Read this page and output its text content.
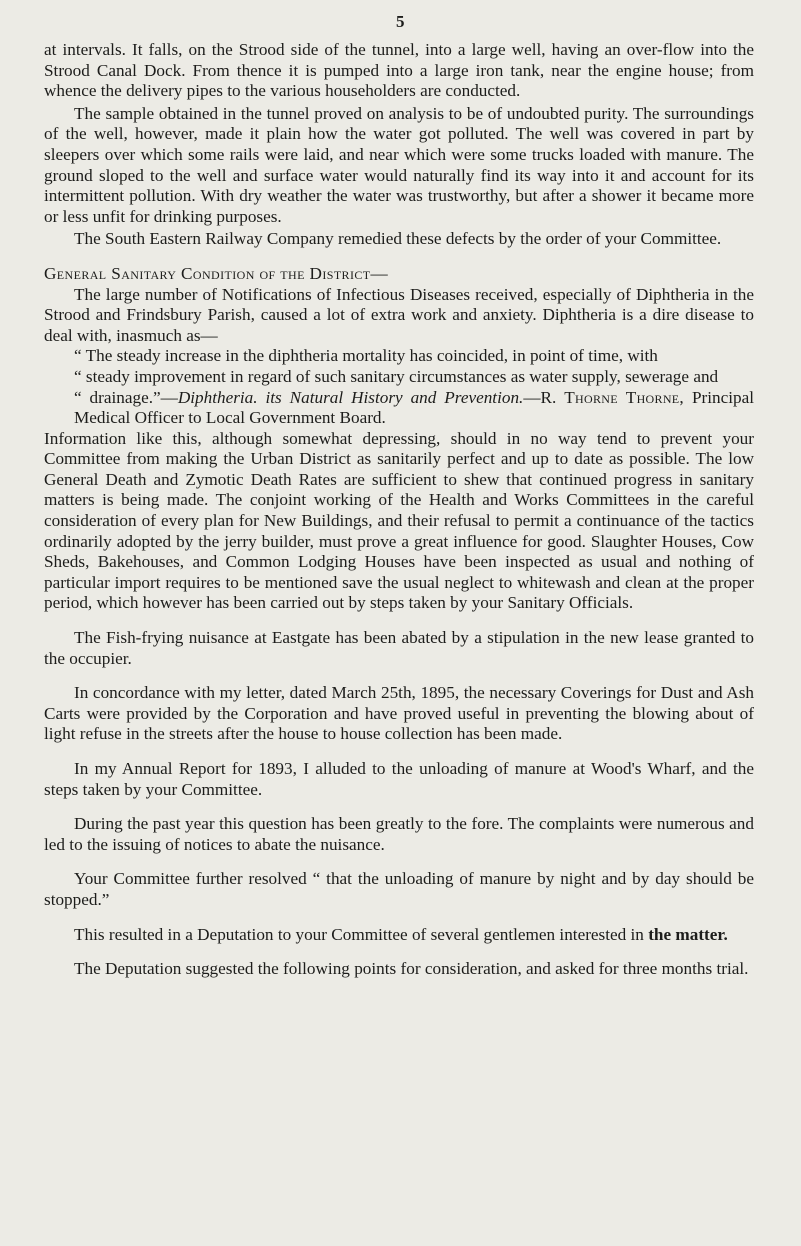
5

at intervals. It falls, on the Strood side of the tunnel, into a large well, having an over-flow into the Strood Canal Dock. From thence it is pumped into a large iron tank, near the engine house; from whence the delivery pipes to the various householders are conducted.

The sample obtained in the tunnel proved on analysis to be of undoubted purity. The surroundings of the well, however, made it plain how the water got polluted. The well was covered in part by sleepers over which some rails were laid, and near which were some trucks loaded with manure. The ground sloped to the well and surface water would naturally find its way into it and account for its intermittent pollution. With dry weather the water was trustworthy, but after a shower it became more or less unfit for drinking purposes.

The South Eastern Railway Company remedied these defects by the order of your Committee.

General Sanitary Condition of the District—

The large number of Notifications of Infectious Diseases received, especially of Diphtheria in the Strood and Frindsbury Parish, caused a lot of extra work and anxiety. Diphtheria is a dire disease to deal with, inasmuch as—

“ The steady increase in the diphtheria mortality has coincided, in point of time, with

“ steady improvement in regard of such sanitary circumstances as water supply, sewerage and

“ drainage.”—Diphtheria. its Natural History and Prevention.—R. Thorne Thorne, Principal Medical Officer to Local Government Board.

Information like this, although somewhat depressing, should in no way tend to prevent your Committee from making the Urban District as sanitarily perfect and up to date as possible. The low General Death and Zymotic Death Rates are sufficient to shew that continued progress in sanitary matters is being made. The conjoint working of the Health and Works Committees in the careful consideration of every plan for New Buildings, and their refusal to permit a continuance of the tactics ordinarily adopted by the jerry builder, must prove a great influence for good. Slaughter Houses, Cow Sheds, Bakehouses, and Common Lodging Houses have been inspected as usual and nothing of particular import requires to be mentioned save the usual neglect to whitewash and clean at the proper period, which however has been carried out by steps taken by your Sanitary Officials.

The Fish-frying nuisance at Eastgate has been abated by a stipulation in the new lease granted to the occupier.

In concordance with my letter, dated March 25th, 1895, the necessary Coverings for Dust and Ash Carts were provided by the Corporation and have proved useful in preventing the blowing about of light refuse in the streets after the house to house collection has been made.

In my Annual Report for 1893, I alluded to the unloading of manure at Wood's Wharf, and the steps taken by your Committee.

During the past year this question has been greatly to the fore. The complaints were numerous and led to the issuing of notices to abate the nuisance.

Your Committee further resolved “ that the unloading of manure by night and by day should be stopped.”

This resulted in a Deputation to your Committee of several gentlemen interested in the matter.

The Deputation suggested the following points for consideration, and asked for three months trial.
